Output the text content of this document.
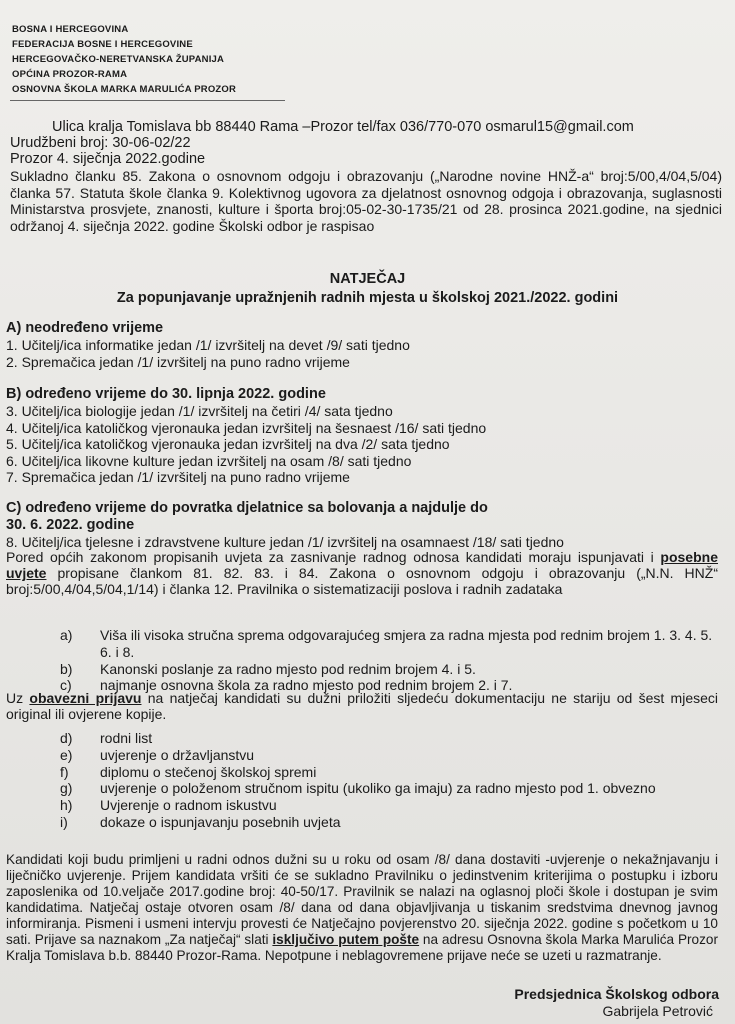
BOSNA I HERCEGOVINA
FEDERACIJA BOSNE I HERCEGOVINE
HERCEGOVAČKO-NERETVANSKA ŽUPANIJA
OPĆINA PROZOR-RAMA
OSNOVNA ŠKOLA MARKA MARULIĆA PROZOR
Ulica kralja Tomislava bb 88440 Rama –Prozor tel/fax 036/770-070 osmarul15@gmail.com
Urudžbeni broj: 30-06-02/22
Prozor 4. siječnja 2022.godine
Sukladno članku 85. Zakona o osnovnom odgoju i obrazovanju („Narodne novine HNŽ-a“ broj:5/00,4/04,5/04) članka 57. Statuta škole članka 9. Kolektivnog ugovora za djelatnost osnovnog odgoja i obrazovanja, suglasnosti Ministarstva prosvjete, znanosti, kulture i športa broj:05-02-30-1735/21 od 28. prosinca 2021.godine, na sjednici održanoj 4. siječnja 2022. godine Školski odbor je raspisao
NATJEČAJ
Za popunjavanje upražnjenih radnih mjesta u školskoj 2021./2022. godini
A) neodređeno vrijeme
1. Učitelj/ica informatike jedan /1/ izvršitelj na devet /9/ sati tjedno
2. Spremačica jedan /1/ izvršitelj na puno radno vrijeme
B) određeno vrijeme do 30. lipnja 2022. godine
3. Učitelj/ica biologije jedan /1/ izvršitelj na četiri /4/ sata tjedno
4. Učitelj/ica katoličkog vjeronauka jedan izvršitelj na šesnaest /16/ sati tjedno
5. Učitelj/ica katoličkog vjeronauka jedan izvršitelj na dva /2/ sata tjedno
6. Učitelj/ica likovne kulture jedan izvršitelj na osam /8/ sati tjedno
7. Spremačica jedan /1/ izvršitelj na puno radno vrijeme
C) određeno vrijeme do povratka djelatnice sa bolovanja a najdulje do
30. 6. 2022. godine
8. Učitelj/ica tjelesne i zdravstvene kulture jedan /1/ izvršitelj na osamnaest /18/ sati tjedno
Pored općih zakonom propisanih uvjeta za zasnivanje radnog odnosa kandidati moraju ispunjavati i posebne uvjete propisane člankom 81. 82. 83. i 84. Zakona o osnovnom odgoju i obrazovanju („N.N. HNŽ“ broj:5/00,4/04,5/04,1/14) i članka 12. Pravilnika o sistematizaciji poslova i radnih zadataka
a)	Viša ili visoka stručna sprema odgovarajućeg smjera za radna mjesta pod rednim brojem 1. 3. 4. 5. 6. i 8.
b)	Kanonski poslanje za radno mjesto pod rednim brojem 4. i 5.
c)	najmanje osnovna škola za radno mjesto pod rednim brojem 2. i 7.
Uz obavezni prijavu na natječaj kandidati su dužni priložiti sljedeću dokumentaciju ne stariju od šest mjeseci original ili ovjerene kopije.
d)	rodni list
e)	uvjerenje o državljanstvu
f)	diplomu o stečenoj školskoj spremi
g)	uvjerenje o položenom stručnom ispitu (ukoliko ga imaju) za radno mjesto pod 1. obvezno
h)	Uvjerenje o radnom iskustvu
i)	dokaze o ispunjavanju posebnih uvjeta
Kandidati koji budu primljeni u radni odnos dužni su u roku od osam /8/ dana dostaviti -uvjerenje o nekažnjavanju i liječničko uvjerenje. Prijem kandidata vršiti će se sukladno Pravilniku o jedinstvenim kriterijima o postupku i izboru zaposlenika od 10.veljače 2017.godine broj: 40-50/17. Pravilnik se nalazi na oglasnoj ploči škole i dostupan je svim kandidatima. Natječaj ostaje otvoren osam /8/ dana od dana objavljivanja u tiskanim sredstvima dnevnog javnog informiranja. Pismeni i usmeni intervju provesti će Natječajno povjerenstvo 20. siječnja 2022. godine s početkom u 10 sati. Prijave sa naznakom „Za natječaj“ slati isključivo putem pošte na adresu Osnovna škola Marka Marulića Prozor Kralja Tomislava b.b. 88440 Prozor-Rama. Nepotpune i neblagovremene prijave neće se uzeti u razmatranje.
Predsjednica Školskog odbora
Gabrijela Petrović
